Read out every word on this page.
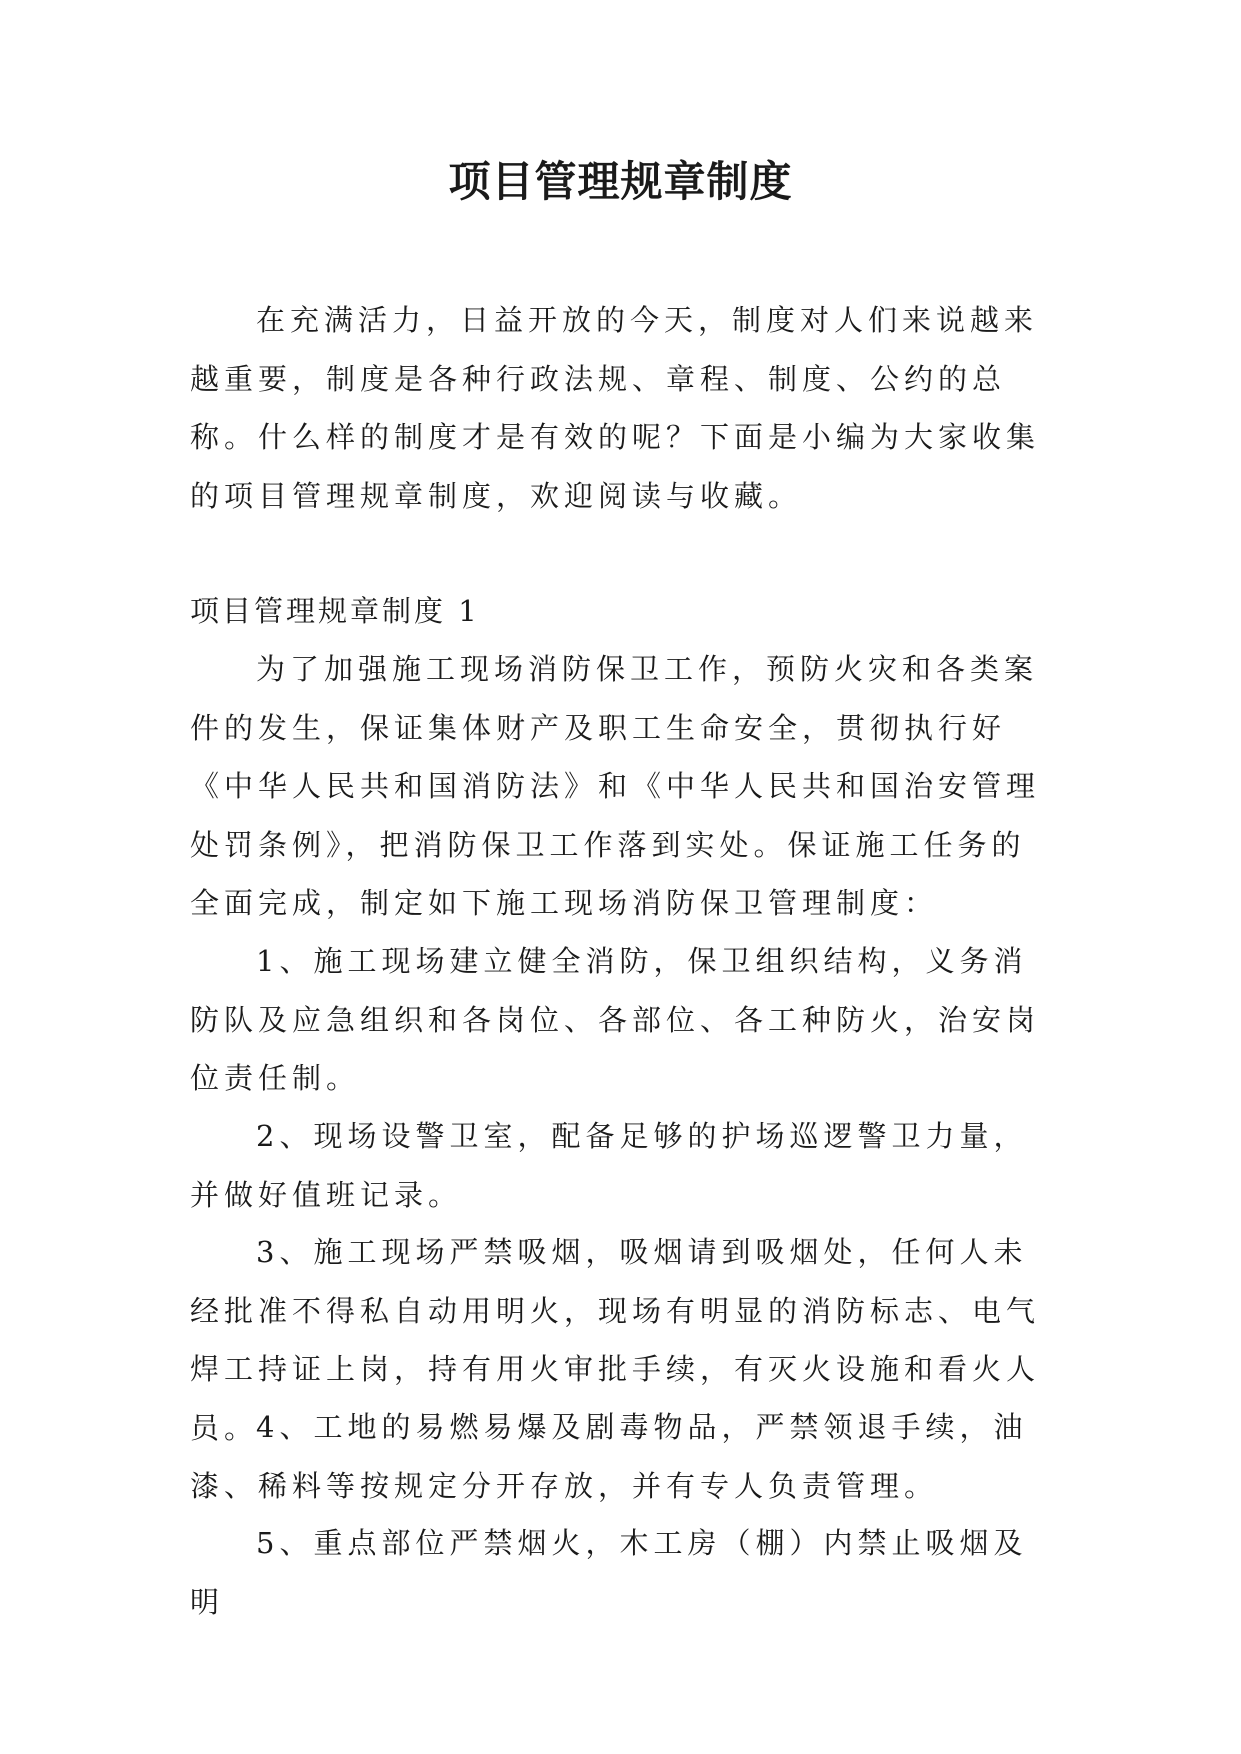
项目管理规章制度

在充满活力，日益开放的今天，制度对人们来说越来越重要，制度是各种行政法规、章程、制度、公约的总称。什么样的制度才是有效的呢？下面是小编为大家收集的项目管理规章制度，欢迎阅读与收藏。

项目管理规章制度 1

为了加强施工现场消防保卫工作，预防火灾和各类案件的发生，保证集体财产及职工生命安全，贯彻执行好《中华人民共和国消防法》和《中华人民共和国治安管理处罚条例》，把消防保卫工作落到实处。保证施工任务的全面完成，制定如下施工现场消防保卫管理制度：

1、施工现场建立健全消防，保卫组织结构，义务消防队及应急组织和各岗位、各部位、各工种防火，治安岗位责任制。

2、现场设警卫室，配备足够的护场巡逻警卫力量，并做好值班记录。

3、施工现场严禁吸烟，吸烟请到吸烟处，任何人未经批准不得私自动用明火，现场有明显的消防标志、电气焊工持证上岗，持有用火审批手续，有灭火设施和看火人员。

4、工地的易燃易爆及剧毒物品，严禁领退手续，油漆、稀料等按规定分开存放，并有专人负责管理。

5、重点部位严禁烟火，木工房（棚）内禁止吸烟及明
